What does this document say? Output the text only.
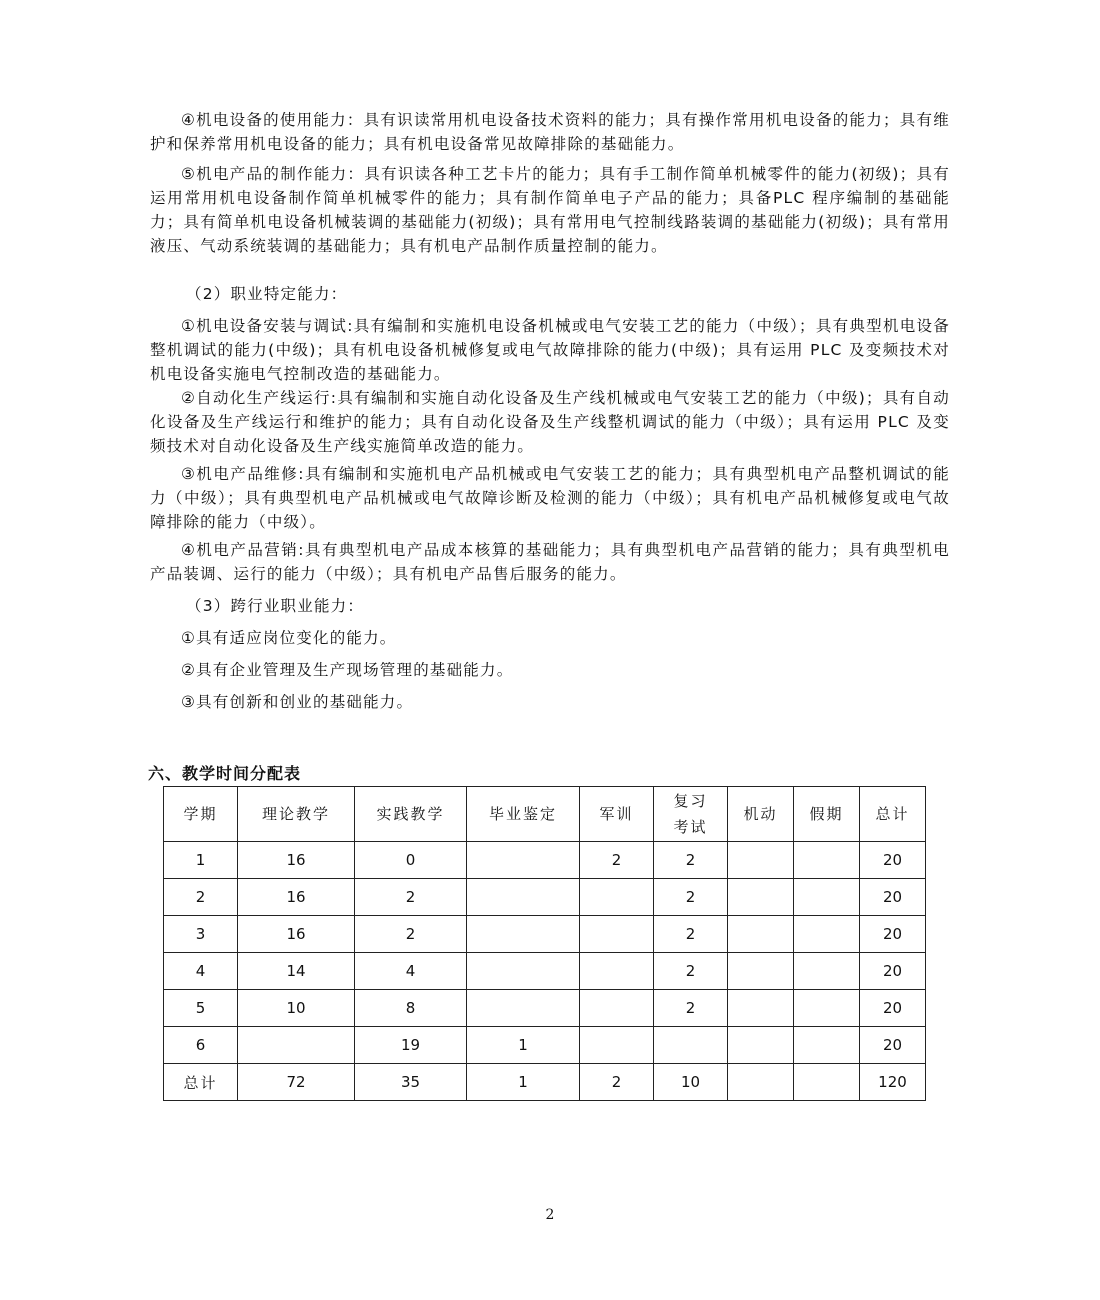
④机电设备的使用能力：具有识读常用机电设备技术资料的能力；具有操作常用机电设备的能力；具有维护和保养常用机电设备的能力；具有机电设备常见故障排除的基础能力。

⑤机电产品的制作能力：具有识读各种工艺卡片的能力；具有手工制作简单机械零件的能力(初级)；具有运用常用机电设备制作简单机械零件的能力；具有制作简单电子产品的能力；具备PLC 程序编制的基础能力；具有简单机电设备机械装调的基础能力(初级)；具有常用电气控制线路装调的基础能力(初级)；具有常用液压、气动系统装调的基础能力；具有机电产品制作质量控制的能力。

（2）职业特定能力：

①机电设备安装与调试:具有编制和实施机电设备机械或电气安装工艺的能力（中级）；具有典型机电设备整机调试的能力(中级)；具有机电设备机械修复或电气故障排除的能力(中级)；具有运用 PLC 及变频技术对机电设备实施电气控制改造的基础能力。

②自动化生产线运行:具有编制和实施自动化设备及生产线机械或电气安装工艺的能力（中级)；具有自动化设备及生产线运行和维护的能力；具有自动化设备及生产线整机调试的能力（中级）；具有运用 PLC 及变频技术对自动化设备及生产线实施简单改造的能力。

③机电产品维修:具有编制和实施机电产品机械或电气安装工艺的能力；具有典型机电产品整机调试的能力（中级）；具有典型机电产品机械或电气故障诊断及检测的能力（中级）；具有机电产品机械修复或电气故障排除的能力（中级）。

④机电产品营销:具有典型机电产品成本核算的基础能力；具有典型机电产品营销的能力；具有典型机电产品装调、运行的能力（中级）；具有机电产品售后服务的能力。

（3）跨行业职业能力：

①具有适应岗位变化的能力。

②具有企业管理及生产现场管理的基础能力。

③具有创新和创业的基础能力。

六、教学时间分配表

学期	理论教学	实践教学	毕业鉴定	军训	复习考试	机动	假期	总计
1	16	0		2	2			20
2	16	2			2			20
3	16	2			2			20
4	14	4			2			20
5	10	8			2			20
6		19	1					20
总计	72	35	1	2	10			120
2
